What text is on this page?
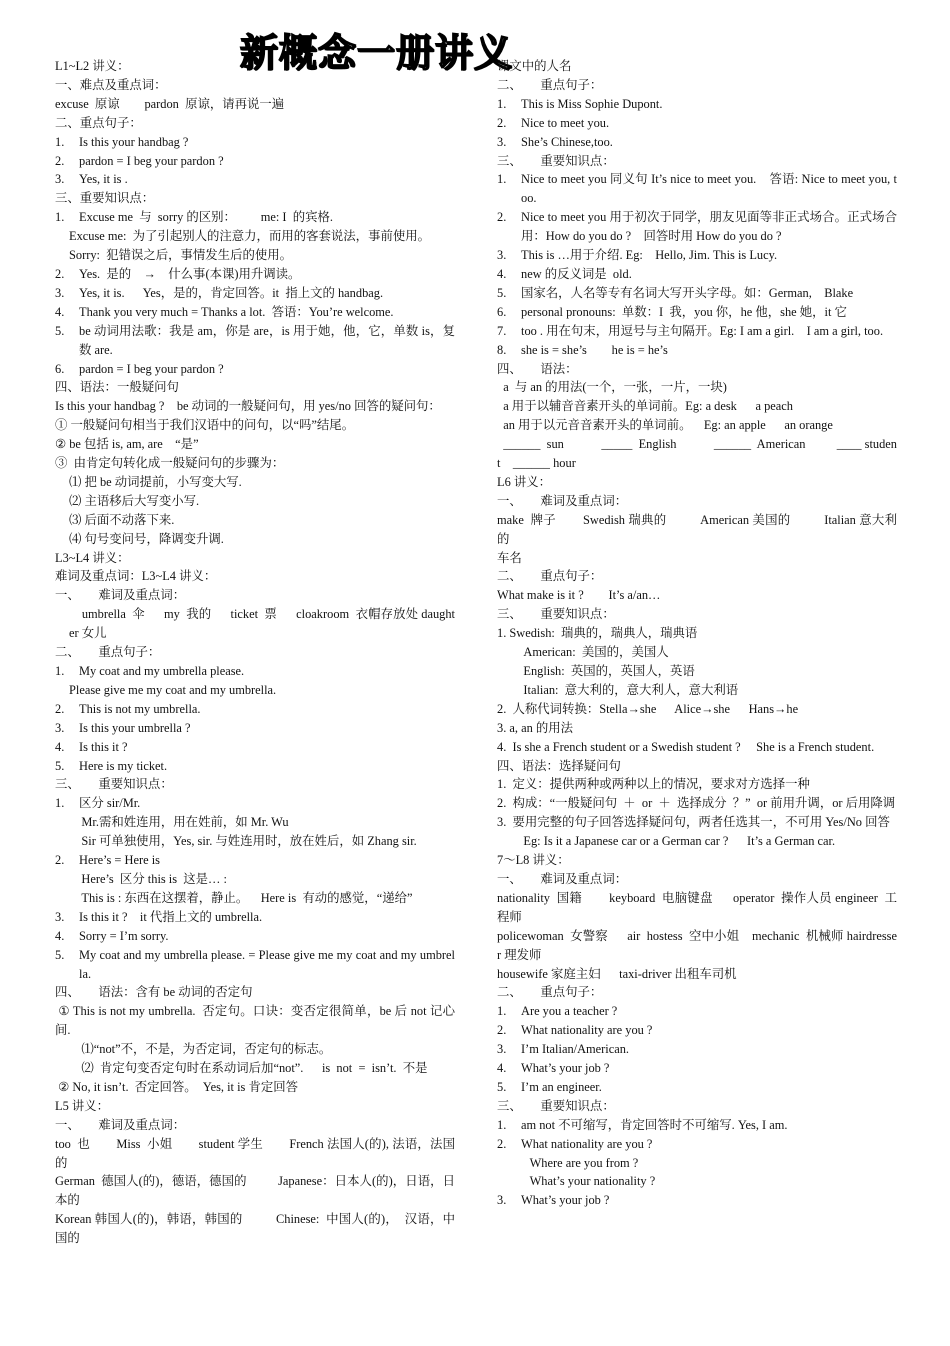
新概念一册讲义
L1~L2 讲义：
一、难点及重点词：
excuse  原谅        pardon  原谅，请再说一遍
二、重点句子：
1.	Is this your handbag ?
2.	pardon = I beg your pardon ?
3.	Yes, it is .
三、重要知识点：
1.	Excuse me  与  sorry 的区别：        me: I  的宾格.
Excuse me:  为了引起别人的注意力，而用的客套说法，事前使用。
Sorry:  犯错误之后，事情发生后的使用。
2.	Yes.  是的    →    什么事(本课)用升调读。
3.	Yes, it is.      Yes，是的，肯定回答。it  指上文的 handbag.
4.	Thank you very much = Thanks a lot.  答语：You’re welcome.
5.	be 动词用法歌：我是 am，你是 are，is 用于她，他，它，单数 is，复数 are.
6.	pardon = I beg your pardon ?
四、语法：一般疑问句
Is this your handbag ?    be 动词的一般疑问句，用 yes/no 回答的疑问句：
① 一般疑问句相当于我们汉语中的问句，以“吗”结尾。
② be 包括 is, am, are    “是”
③  由肯定句转化成一般疑问句的步骤为：
⑴ 把 be 动词提前，小写变大写.
⑵ 主语移后大写变小写.
⑶ 后面不动落下来.
⑷ 句号变问号，降调变升调.
L3~L4 讲义：
难词及重点词：L3~L4 讲义：
一、      难词及重点词：
umbrella  伞      my  我的      ticket  票      cloakroom  衣帽存放处 daughter 女儿
二、      重点句子：
1.	My coat and my umbrella please.
Please give me my coat and my umbrella.
2.	This is not my umbrella.
3.	Is this your umbrella ?
4.	Is this it ?
5.	Here is my ticket.
三、      重要知识点：
1.	区分 sir/Mr.
Mr.需和姓连用，用在姓前，如 Mr. Wu
Sir 可单独使用，Yes, sir. 与姓连用时，放在姓后，如 Zhang sir.
2.	Here’s = Here is
Here’s  区分 this is  这是… :
This is : 东西在这摆着，静止。    Here is  有动的感觉，“递给”
3.	Is this it ?    it 代指上文的 umbrella.
4.	Sorry = I’m sorry.
5.	My coat and my umbrella please. = Please give me my coat and my umbrella.
四、      语法：含有 be 动词的否定句
① This is not my umbrella.  否定句。口诀：变否定很简单，be 后 not 记心间.
⑴“not”不，不是，为否定词，否定句的标志。
⑵  肯定句变否定句时在系动词后加“not”.      is  not  =  isn’t.  不是
② No, it isn’t.  否定回答。  Yes, it is 肯定回答
L5 讲义：
一、      难词及重点词：
too  也        Miss  小姐        student 学生        French 法国人(的), 法语，法国的
German  德国人(的)，德语，德国的          Japanese：日本人(的)，日语，日本的
Korean 韩国人(的)，韩语，韩国的          Chinese:  中国人(的)，  汉语，中国的
课文中的人名
二、      重点句子：
1.	This is Miss Sophie Dupont.
2.	Nice to meet you.
3.	She’s Chinese,too.
三、      重要知识点：
1.	Nice to meet you 同义句 It’s nice to meet you.    答语: Nice to meet you, too.
2.	Nice to meet you 用于初次于同学，朋友见面等非正式场合。正式场合用：How do you do ?    回答时用 How do you do ?
3.	This is …用于介绍. Eg:    Hello, Jim. This is Lucy.
4.	new 的反义词是  old.
5.	国家名，人名等专有名词大写开头字母。如：German,    Blake
6.	personal pronouns:  单数：I  我，you 你，he 他，she 她，it 它
7.	too . 用在句末，用逗号与主句隔开。Eg: I am a girl.    I am a girl, too.
8.	she is = she’s        he is = he’s
四、      语法：
a  与 an 的用法(一个，一张，一片，一块)
a 用于以辅音音素开头的单词前。Eg: a desk      a peach
an 用于以元音音素开头的单词前。    Eg: an apple      an orange
______  sun            _____  English            ______  American          ____ student    ______ hour
L6 讲义：
一、      难词及重点词：
make  牌子        Swedish 瑞典的          American 美国的          Italian 意大利的
车名
二、      重点句子：
What make is it ?        It’s a/an…
三、      重要知识点：
1. Swedish:  瑞典的，瑞典人，瑞典语
American:  美国的，美国人
English:  英国的，英国人，英语
Italian:  意大利的，意大利人，意大利语
2.  人称代词转换：Stella→she      Alice→she      Hans→he
3. a, an 的用法
4.  Is she a French student or a Swedish student ?     She is a French student.
四、语法：选择疑问句
1.  定义：提供两种或两种以上的情况，要求对方选择一种
2.  构成：“一般疑问句  ＋  or  ＋  选择成分  ？”  or 前用升调，or 后用降调
3.  要用完整的句子回答选择疑问句，两者任选其一，不可用 Yes/No 回答
Eg: Is it a Japanese car or a German car ?      It’s a German car.
7～L8 讲义：
一、      难词及重点词：
nationality  国籍        keyboard  电脑键盘      operator  操作人员 engineer  工程师
policewoman  女警察      air  hostess  空中小姐    mechanic  机械师 hairdresser 理发师
housewife 家庭主妇      taxi-driver 出租车司机
二、      重点句子：
1.	Are you a teacher ?
2.	What nationality are you ?
3.	I’m Italian/American.
4.	What’s your job ?
5.	I’m an engineer.
三、      重要知识点：
1.	am not 不可缩写，肯定回答时不可缩写. Yes, I am.
2.	What nationality are you ?
Where are you from ?
What’s your nationality ?
3.	What’s your job ?
